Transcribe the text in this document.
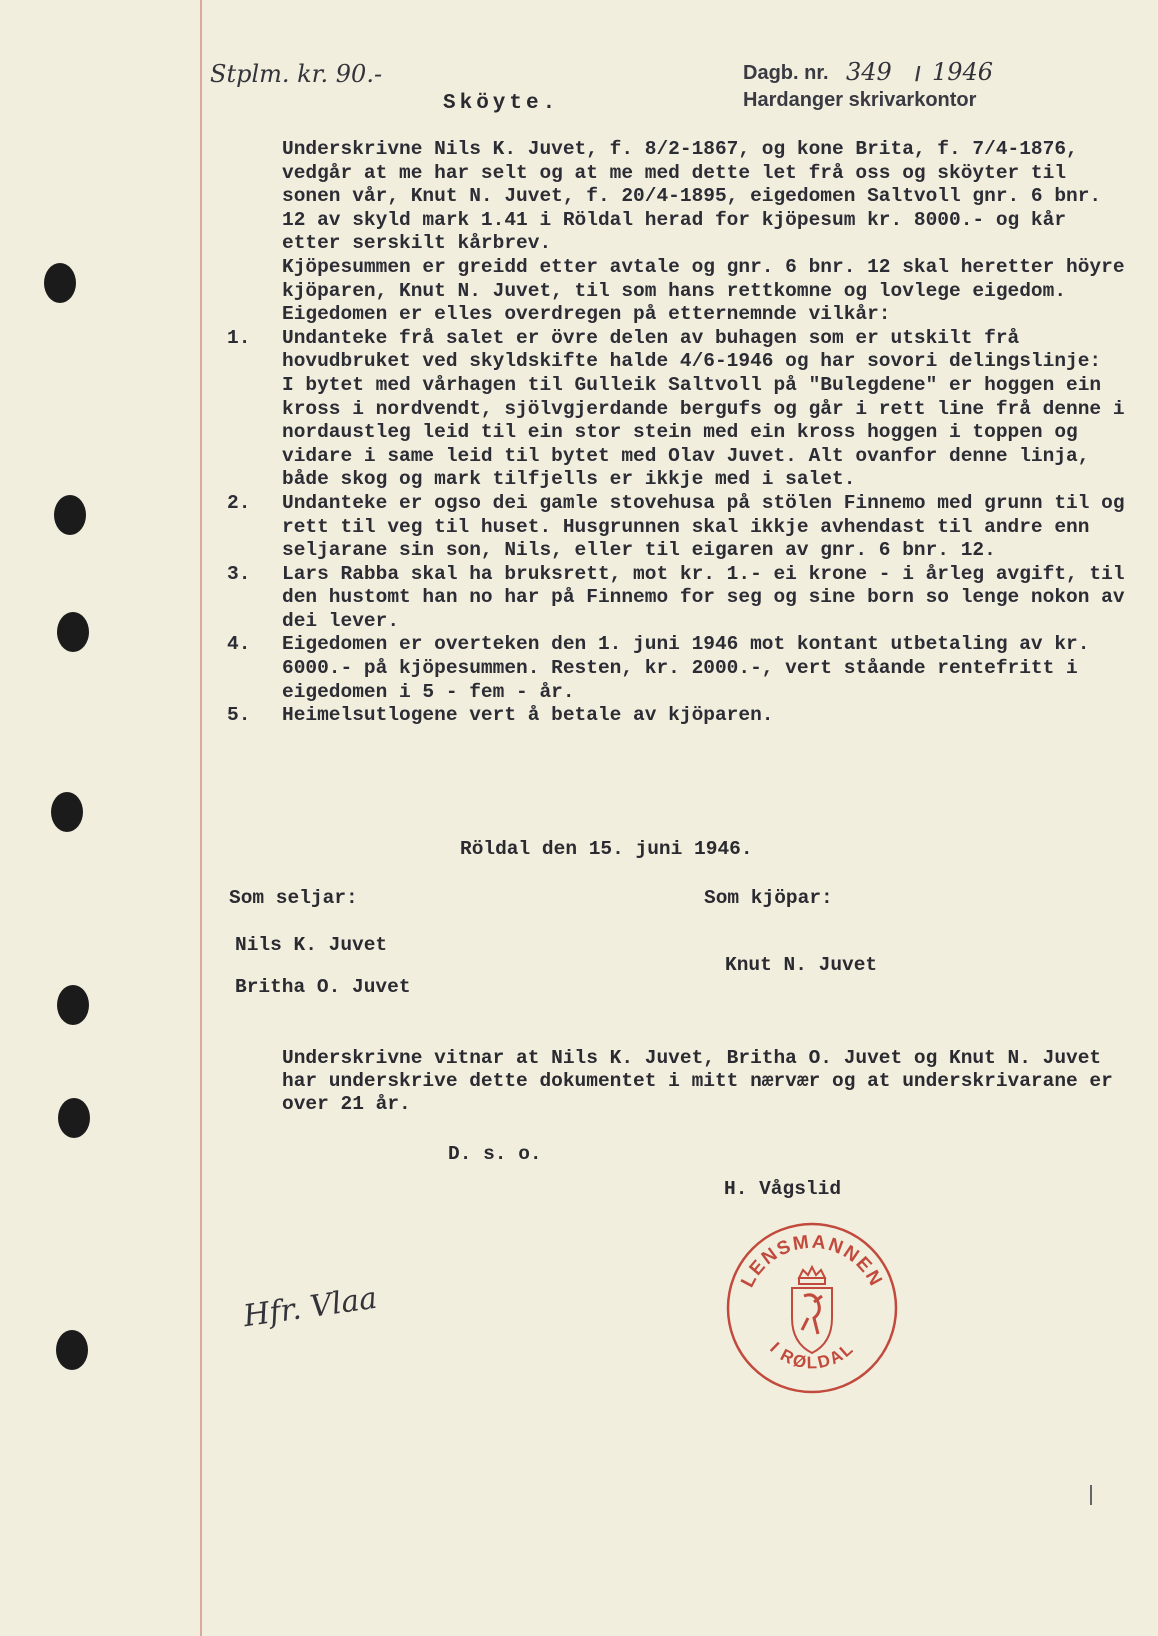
Stplm. kr. 90.-	Dagb. nr. 349 / 1946
Hardanger skrivarkontor
Sköyte.

Underskrivne Nils K. Juvet, f. 8/2-1867, og kone Brita, f. 7/4-1876, vedgår at me har selt og at me med dette let frå oss og sköyter til sonen vår, Knut N. Juvet, f. 20/4-1895, eigedomen Saltvoll gnr. 6 bnr. 12 av skyld mark 1.41 i Röldal herad for kjöpesum kr. 8000.- og kår etter serskilt kårbrev.

Kjöpesummen er greidd etter avtale og gnr. 6 bnr. 12 skal heretter höyre kjöparen, Knut N. Juvet, til som hans rettkomne og lovlege eigedom.

Eigedomen er elles overdregen på etternemnde vilkår:

1.	Undanteke frå salet er övre delen av buhagen som er utskilt frå hovudbruket ved skyldskifte halde 4/6-1946 og har sovori delingslinje:
I bytet med vårhagen til Gulleik Saltvoll på "Bulegdene" er hoggen ein kross i nordvendt, sjölvgjerdande bergufs og går i rett line frå denne i nordaustleg leid til ein stor stein med ein kross hoggen i toppen og vidare i same leid til bytet med Olav Juvet. Alt ovanfor denne linja, både skog og mark tilfjells er ikkje med i salet.
2.	Undanteke er ogso dei gamle stovehusa på stölen Finnemo med grunn til og rett til veg til huset. Husgrunnen skal ikkje avhendast til andre enn seljarane sin son, Nils, eller til eigaren av gnr. 6 bnr. 12.
3.	Lars Rabba skal ha bruksrett, mot kr. 1.- ei krone - i årleg avgift, til den hustomt han no har på Finnemo for seg og sine born so lenge nokon av dei lever.
4.	Eigedomen er overteken den 1. juni 1946 mot kontant utbetaling av kr. 6000.- på kjöpesummen. Resten, kr. 2000.-, vert ståande rentefritt i eigedomen i 5 - fem - år.
5.	Heimelsutlogene vert å betale av kjöparen.
Röldal den 15. juni 1946.
Som seljar:	Som kjöpar:
Nils K. Juvet
Britha O. Juvet
Knut N. Juvet
Underskrivne vitnar at Nils K. Juvet, Britha O. Juvet og Knut N. Juvet har underskrive dette dokumentet i mitt nærvær og at underskrivarane er over 21 år.
D. s. o.
H. Vågslid
LENSMANNEN
I RØLDAL
Hfr. Vlaa
